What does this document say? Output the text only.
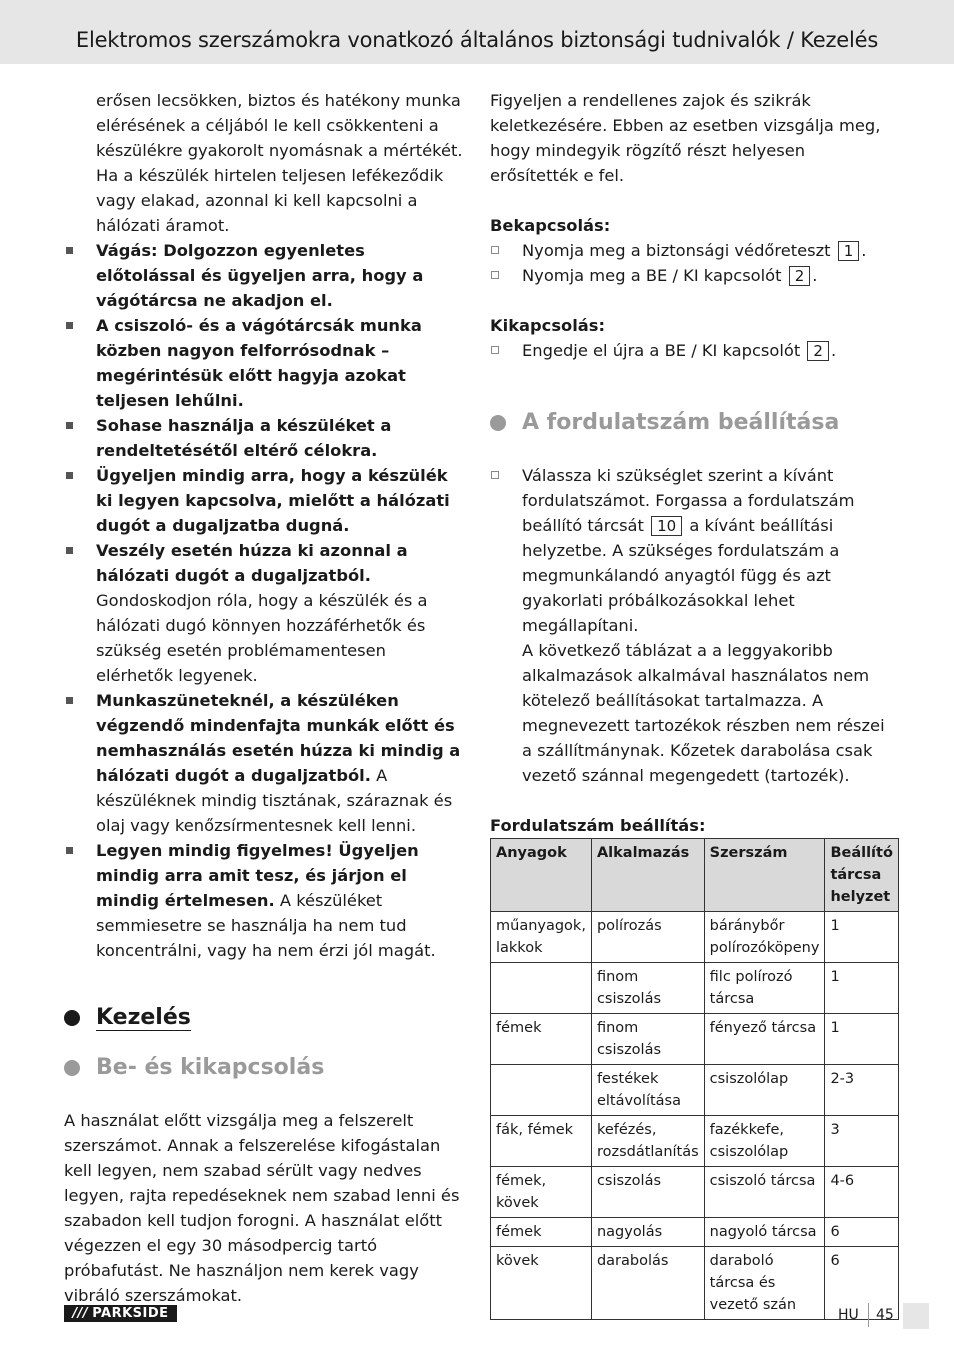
Elektromos szerszámokra vonatkozó általános biztonsági tudnivalók / Kezelés

erősen lecsökken, biztos és hatékony munka elérésének a céljából le kell csökkenteni a készülékre gyakorolt nyomásnak a mértékét. Ha a készülék hirtelen teljesen lefékeződik vagy elakad, azonnal ki kell kapcsolni a hálózati áramot.

Vágás: Dolgozzon egyenletes előtolással és ügyeljen arra, hogy a vágótárcsa ne akadjon el.
A csiszoló- és a vágótárcsák munka közben nagyon felforrósodnak – megérintésük előtt hagyja azokat teljesen lehűlni.
Sohase használja a készüléket a rendeltetésétől eltérő célokra.
Ügyeljen mindig arra, hogy a készülék ki legyen kapcsolva, mielőtt a hálózati dugót a dugaljzatba dugná.
Veszély esetén húzza ki azonnal a hálózati dugót a dugaljzatból. Gondoskodjon róla, hogy a készülék és a hálózati dugó könnyen hozzáférhetők és szükség esetén problémamentesen elérhetők legyenek.
Munkaszüneteknél, a készüléken végzendő mindenfajta munkák előtt és nemhasználás esetén húzza ki mindig a hálózati dugót a dugaljzatból. A készüléknek mindig tisztának, száraznak és olaj vagy kenőzsírmentesnek kell lenni.
Legyen mindig figyelmes! Ügyeljen mindig arra amit tesz, és járjon el mindig értelmesen. A készüléket semmiesetre se használja ha nem tud koncentrálni, vagy ha nem érzi jól magát.
Kezelés
Be- és kikapcsolás

A használat előtt vizsgálja meg a felszerelt szerszámot. Annak a felszerelése kifogástalan kell legyen, nem szabad sérült vagy nedves legyen, rajta repedéseknek nem szabad lenni és szabadon kell tudjon forogni. A használat előtt végezzen el egy 30 másodpercig tartó próbafutást. Ne használjon nem kerek vagy vibráló szerszámokat.

Figyeljen a rendellenes zajok és szikrák keletkezésére. Ebben az esetben vizsgálja meg, hogy mindegyik rögzítő részt helyesen erősítették e fel.

Bekapcsolás:

Nyomja meg a biztonsági védőreteszt 1 .
Nyomja meg a BE / KI kapcsolót 2 .

Kikapcsolás:

Engedje el újra a BE / KI kapcsolót 2 .
A fordulatszám beállítása
Válassza ki szükséglet szerint a kívánt fordulatszámot. Forgassa a fordulatszám beállító tárcsát 10 a kívánt beállítási helyzetbe. A szükséges fordulatszám a megmunkálandó anyagtól függ és azt gyakorlati próbálkozásokkal lehet megállapítani.

A következő táblázat a a leggyakoribb alkalmazások alkalmával használatos nem kötelező beállításokat tartalmazza. A megnevezett tartozékok részben nem részei a szállítmánynak. Kőzetek darabolása csak vezető szánnal megengedett (tartozék).

Fordulatszám beállítás:

Anyagok	Alkalmazás	Szerszám	Beállító tárcsa helyzet
műanyagok, lakkok	polírozás	báránybőr polírozóköpeny	1
	finom csiszolás	filc polírozó tárcsa	1
fémek	finom csiszolás	fényező tárcsa	1
	festékek eltávolítása	csiszolólap	2-3
fák, fémek	kefézés, rozsdátlanítás	fazékkefe, csiszolólap	3
fémek, kövek	csiszolás	csiszoló tárcsa	4-6
fémek	nagyolás	nagyoló tárcsa	6
kövek	darabolás	daraboló tárcsa és vezető szán	6
/// PARKSIDE	HU 45
